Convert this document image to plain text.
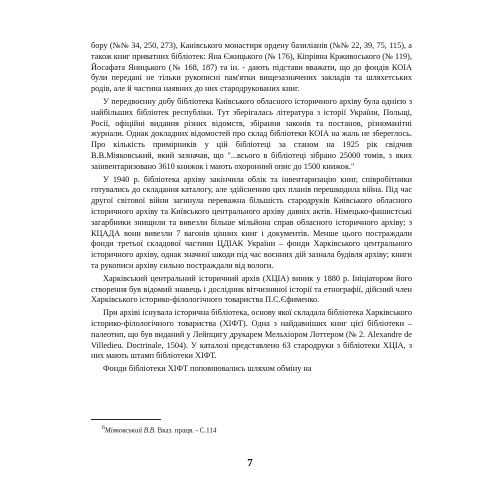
бору (№№ 34, 250, 273), Канівського монастиря ордену базиліанів (№№ 22, 39, 75, 115), а також книг приватних бібліотек: Яна Єжицького (№ 176), Кіпріяна Крживоського (№ 119), Йосафата Яницького (№ 168, 187) та ін. - дають підстави вважати, що до фондів КОІА були передані не тільки рукописні пам'ятки вищезазначених закладів та шляхетських родів, але й частина наявних до них стародрукованих книг.

У передвоєнну добу бібліотека Київського обласного історичного архіву була однією з найбільших бібліотек республіки. Тут зберігалась література з історії України, Польщі, Росії, офіційні видання різних відомств, збірання законів та постанов, різноманітні журнали. Однак докладних відомостей про склад бібліотеки КОІА на жаль не збереглось. Про кількість примірників у цій бібліотеці за станом на 1925 рік свідчив В.В.Міяковський, який зазначав, що "...всього в бібліотеці зібрано 25000 томів, з яких заінвентаризовано 3610 книжок і мають охоронний опис до 1500 книжок."

У 1940 р. бібліотека архіву закінчила облік та інвентаризацію книг, співробітники готувались до складання каталогу, але здійсненню цих планів перешкодила війна. Під час другої світової війни загинула переважна більшість стародруків Київського обласного історичного архіву та Київського центрального архіву давніх актів. Німецько-фашистські загарбники знищили та вивезли більше мільйона справ обласного історичного архіву; з КЦАДА вони вивезли 7 вагонів цінних книг і документів. Менше цього постраждали фонди третьої складової частини ЦДІАК України – фонди Харківського центрального історичного архіву, однак значної шкоди під час воєнних дій зазнала будівля архіву; книги та рукописи архіву сильно постраждали від вологи.

Харківський центральний історичний архів (ХЦІА) виник у 1880 р. Ініціатором його створення був відомий знавець і дослідник вітчизняної історії та етнографії, дійсний член Харківського історико-філологічного товариства П.С.Єфименко.

При архіві існувала історична бібліотека, основу якої складала бібліотека Харківського історико-філологічного товариства (ХІФТ). Одна з найдавніших книг цієї бібліотеки – палеотип, що був виданий у Лейпцигу друкарем Мельхіором Лоттером (№ 2. Alexandre de Villedieu. Doctrinale, 1504). У каталозі представлено 63 стародруки з бібліотеки ХЦІА, з них мають штамп бібліотеки ХІФТ.

Фонди бібліотеки ХІФТ поповнювались шляхом обміну на

$^6$Міяковський В.В. Вказ. праця. - С.114
7
